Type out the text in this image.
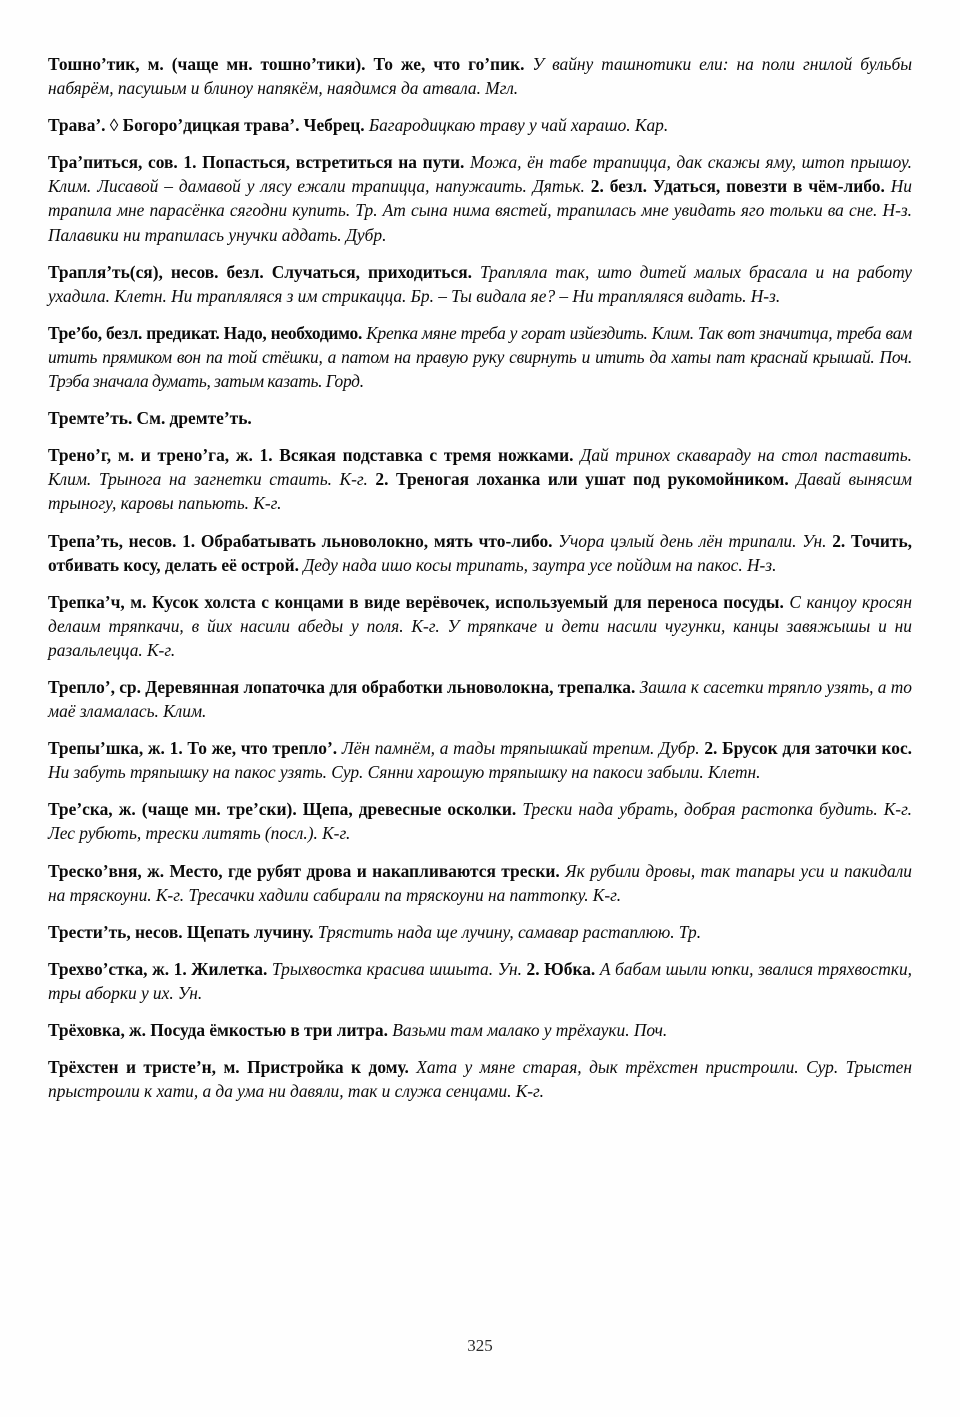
Тошно’тик, м. (чаще мн. тошно’тики). То же, что го’пик. У вайну ташнотики ели: на поли гнилой бульбы набярём, пасушым и блиноу напякём, наядимся да атвала. Мгл.

Трава’. ◊ Богоро’дицкая трава’. Чебрец. Багародицкаю траву у чай харашо. Кар.

Тра’питься, сов. 1. Попасться, встретиться на пути. Можа, ён табе трапицца, дак скажы яму, штоп прышоу. Клим. Лисавой – дамавой у лясу ежали трапицца, напужаить. Дятьк. 2. безл. Удаться, повезти в чём-либо. Ни трапила мне парасёнка сягодни купить. Тр. Ат сына нима вястей, трапилась мне увидать яго тольки ва сне. Н-з. Палавики ни трапилась унучки аддать. Дубр.

Трапля’ть(ся), несов. безл. Случаться, приходиться. Трапляла так, што дитей малых брасала и на работу ухадила. Клетн. Ни трапляляся з им стрикацца. Бр. – Ты видала яе? – Ни трапляляся видать. Н-з.

Тре’бо, безл. предикат. Надо, необходимо. Крепка мяне треба у горат изйездить. Клим. Так вот значитца, треба вам итить прямиком вон па той стёшки, а патом на правую руку свирнуть и итить да хаты пат краснай крышай. Поч. Трэба значала думать, затым казать. Горд.

Тремте’ть. См. дремте’ть.

Трено’г, м. и трено’га, ж. 1. Всякая подставка с тремя ножками. Дай тринох скавараду на стол паставить. Клим. Трынога на загнетки стаить. К-г. 2. Треногая лоханка или ушат под рукомойником. Давай вынясим трыногу, каровы папьють. К-г.

Трепа’ть, несов. 1. Обрабатывать льноволокно, мять что-либо. Учора цэлый день лён трипали. Ун. 2. Точить, отбивать косу, делать её острой. Деду нада ишо косы трипать, заутра усе пойдим на пакос. Н-з.

Трепка’ч, м. Кусок холста с концами в виде верёвочек, используемый для переноса посуды. С канцоу кросян делаим тряпкачи, в йих насили абеды у поля. К-г. У тряпкаче и дети насили чугунки, канцы завяжышы и ни разальлецца. К-г.

Трепло’, ср. Деревянная лопаточка для обработки льноволокна, трепалка. Зашла к сасетки тряпло узять, а то маё зламалась. Клим.

Трепы’шка, ж. 1. То же, что трепло’. Лён памнём, а тады тряпышкай трепим. Дубр. 2. Брусок для заточки кос. Ни забуть тряпышку на пакос узять. Сур. Сянни харошую тряпышку на пакоси забыли. Клетн.

Тре’ска, ж. (чаще мн. тре’ски). Щепа, древесные осколки. Трески нада убрать, добрая растопка будить. К-г. Лес рубють, трески литять (посл.). К-г.

Треско’вня, ж. Место, где рубят дрова и накапливаются трески. Як рубили дровы, так тапары уси и пакидали на тряскоуни. К-г. Тресачки хадили сабирали па тряскоуни на паттопку. К-г.

Трести’ть, несов. Щепать лучину. Трястить нада ще лучину, самавар растаплюю. Тр.

Трехво’стка, ж. 1. Жилетка. Трыхвостка красива шшыта. Ун. 2. Юбка. А бабам шыли юпки, звалися тряхвостки, тры аборки у их. Ун.

Трёховка, ж. Посуда ёмкостью в три литра. Вазьми там малако у трёхауки. Поч.

Трёхстен и тристе’н, м. Пристройка к дому. Хата у мяне старая, дык трёхстен пристроили. Сур. Трыстен прыстроили к хати, а да ума ни давяли, так и служа сенцами. К-г.

325
